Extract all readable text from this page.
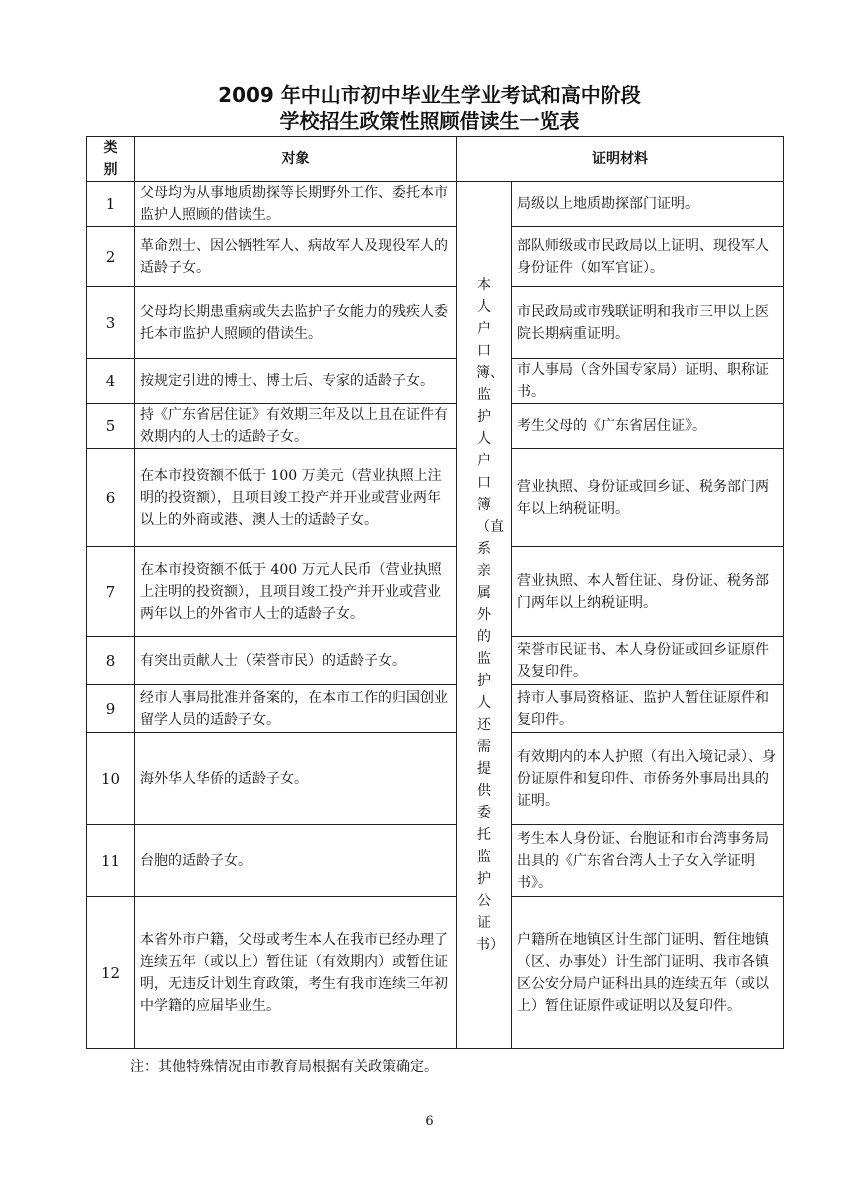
2009 年中山市初中毕业生学业考试和高中阶段
学校招生政策性照顾借读生一览表
类别	对象	证明材料	
1	父母均为从事地质勘探等长期野外工作、委托本市监护人照顾的借读生。	本人户口簿、监护人户口簿（直系亲属外的监护人还需提供委托监护公证书）	局级以上地质勘探部门证明。
2	革命烈士、因公牺牲军人、病故军人及现役军人的适龄子女。		部队师级或市民政局以上证明、现役军人身份证件（如军官证）。
3	父母均长期患重病或失去监护子女能力的残疾人委托本市监护人照顾的借读生。		市民政局或市残联证明和我市三甲以上医院长期病重证明。
4	按规定引进的博士、博士后、专家的适龄子女。		市人事局（含外国专家局）证明、职称证书。
5	持《广东省居住证》有效期三年及以上且在证件有效期内的人士的适龄子女。		考生父母的《广东省居住证》。
6	在本市投资额不低于 100 万美元（营业执照上注明的投资额），且项目竣工投产并开业或营业两年以上的外商或港、澳人士的适龄子女。		营业执照、身份证或回乡证、税务部门两年以上纳税证明。
7	在本市投资额不低于 400 万元人民币（营业执照上注明的投资额），且项目竣工投产并开业或营业两年以上的外省市人士的适龄子女。		营业执照、本人暂住证、身份证、税务部门两年以上纳税证明。
8	有突出贡献人士（荣誉市民）的适龄子女。		荣誉市民证书、本人身份证或回乡证原件及复印件。
9	经市人事局批准并备案的，在本市工作的归国创业留学人员的适龄子女。		持市人事局资格证、监护人暂住证原件和复印件。
10	海外华人华侨的适龄子女。		有效期内的本人护照（有出入境记录）、身份证原件和复印件、市侨务外事局出具的证明。
11	台胞的适龄子女。		考生本人身份证、台胞证和市台湾事务局出具的《广东省台湾人士子女入学证明书》。
12	本省外市户籍，父母或考生本人在我市已经办理了连续五年（或以上）暂住证（有效期内）或暂住证明，无违反计划生育政策，考生有我市连续三年初中学籍的应届毕业生。		户籍所在地镇区计生部门证明、暂住地镇（区、办事处）计生部门证明、我市各镇区公安分局户证科出具的连续五年（或以上）暂住证原件或证明以及复印件。
注：其他特殊情况由市教育局根据有关政策确定。
6
